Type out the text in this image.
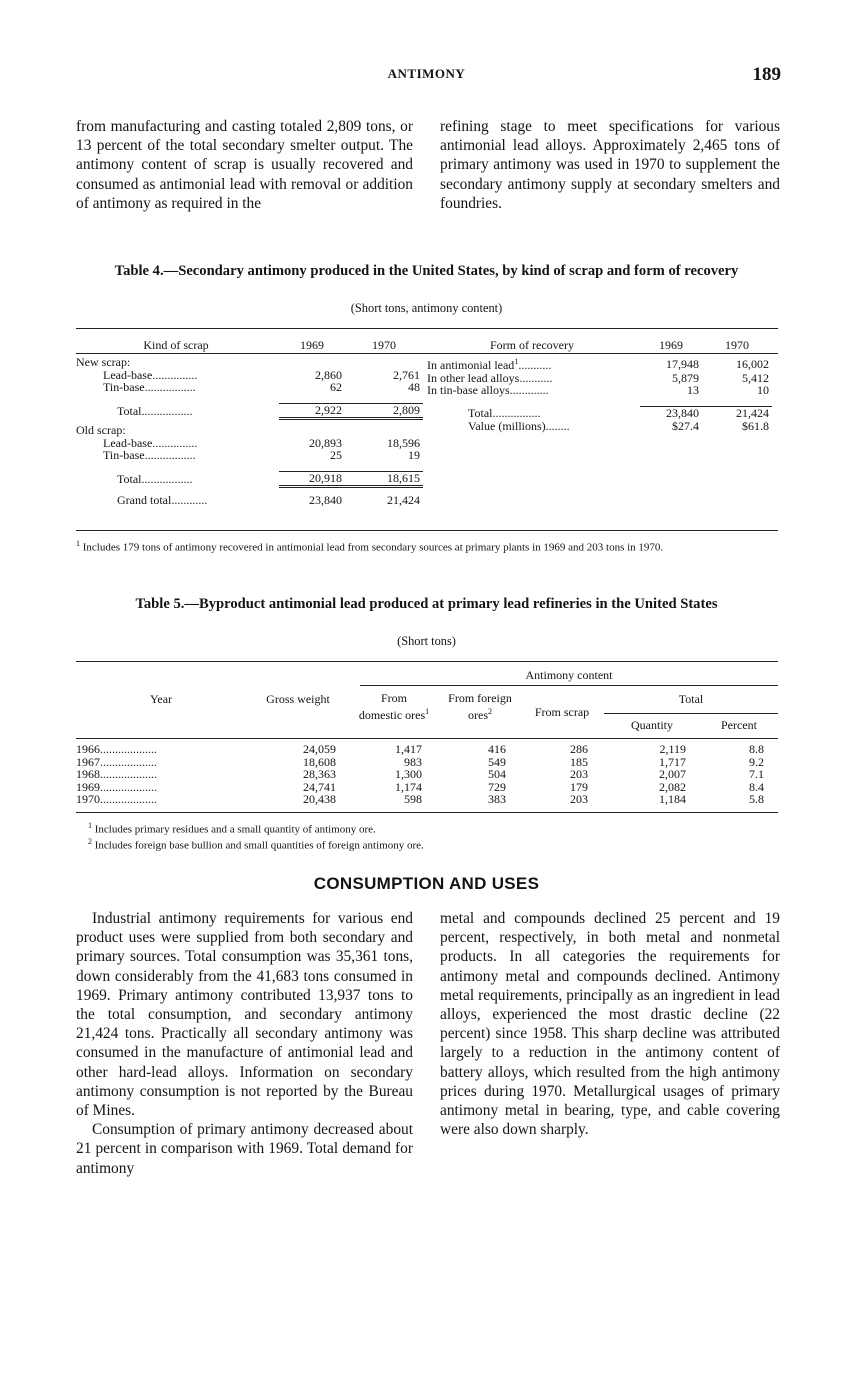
ANTIMONY	189

from manufacturing and casting totaled 2,809 tons, or 13 percent of the total secondary smelter output. The antimony content of scrap is usually recovered and consumed as antimonial lead with removal or addition of antimony as required in the

refining stage to meet specifications for various antimonial lead alloys. Approximately 2,465 tons of primary antimony was used in 1970 to supplement the secondary antimony supply at secondary smelters and foundries.

Table 4.—Secondary antimony produced in the United States, by kind of scrap and form of recovery
(Short tons, antimony content)
Kind of scrap	1969	1970
New scrap:		
Lead-base...............	2,860	2,761
Tin-base.................	62	48

Total.................	2,922	2,809

Old scrap:		
Lead-base...............	20,893	18,596
Tin-base.................	25	19

Total.................	20,918	18,615

Grand total............	23,840	21,424
Form of recovery	1969	1970
In antimonial lead$^1$...........	17,948	16,002
In other lead alloys...........	5,879	5,412
In tin-base alloys.............	13	10

Total................	23,840	21,424
Value (millions)........	$27.4	$61.8
$^1$ Includes 179 tons of antimony recovered in antimonial lead from secondary sources at primary plants in 1969 and 203 tons in 1970.
Table 5.—Byproduct antimonial lead produced at primary lead refineries in the United States
(Short tons)
Antimony content
Year	Gross weight	From domestic ores$^1$
From foreign ores$^2$	From scrap
Total
Quantity	Percent
1966...................	24,059	1,417	416	286	2,119	8.8
1967...................	18,608	983	549	185	1,717	9.2
1968...................	28,363	1,300	504	203	2,007	7.1
1969...................	24,741	1,174	729	179	2,082	8.4
1970...................	20,438	598	383	203	1,184	5.8
$^1$ Includes primary residues and a small quantity of antimony ore.
$^2$ Includes foreign base bullion and small quantities of foreign antimony ore.
CONSUMPTION AND USES

Industrial antimony requirements for various end product uses were supplied from both secondary and primary sources. Total consumption was 35,361 tons, down considerably from the 41,683 tons consumed in 1969. Primary antimony contributed 13,937 tons to the total consumption, and secondary antimony 21,424 tons. Practically all secondary antimony was consumed in the manufacture of antimonial lead and other hard-lead alloys. Information on secondary antimony consumption is not reported by the Bureau of Mines.

Consumption of primary antimony decreased about 21 percent in comparison with 1969. Total demand for antimony

metal and compounds declined 25 percent and 19 percent, respectively, in both metal and nonmetal products. In all categories the requirements for antimony metal and compounds declined. Antimony metal requirements, principally as an ingredient in lead alloys, experienced the most drastic decline (22 percent) since 1958. This sharp decline was attributed largely to a reduction in the antimony content of battery alloys, which resulted from the high antimony prices during 1970. Metallurgical usages of primary antimony metal in bearing, type, and cable covering were also down sharply.
